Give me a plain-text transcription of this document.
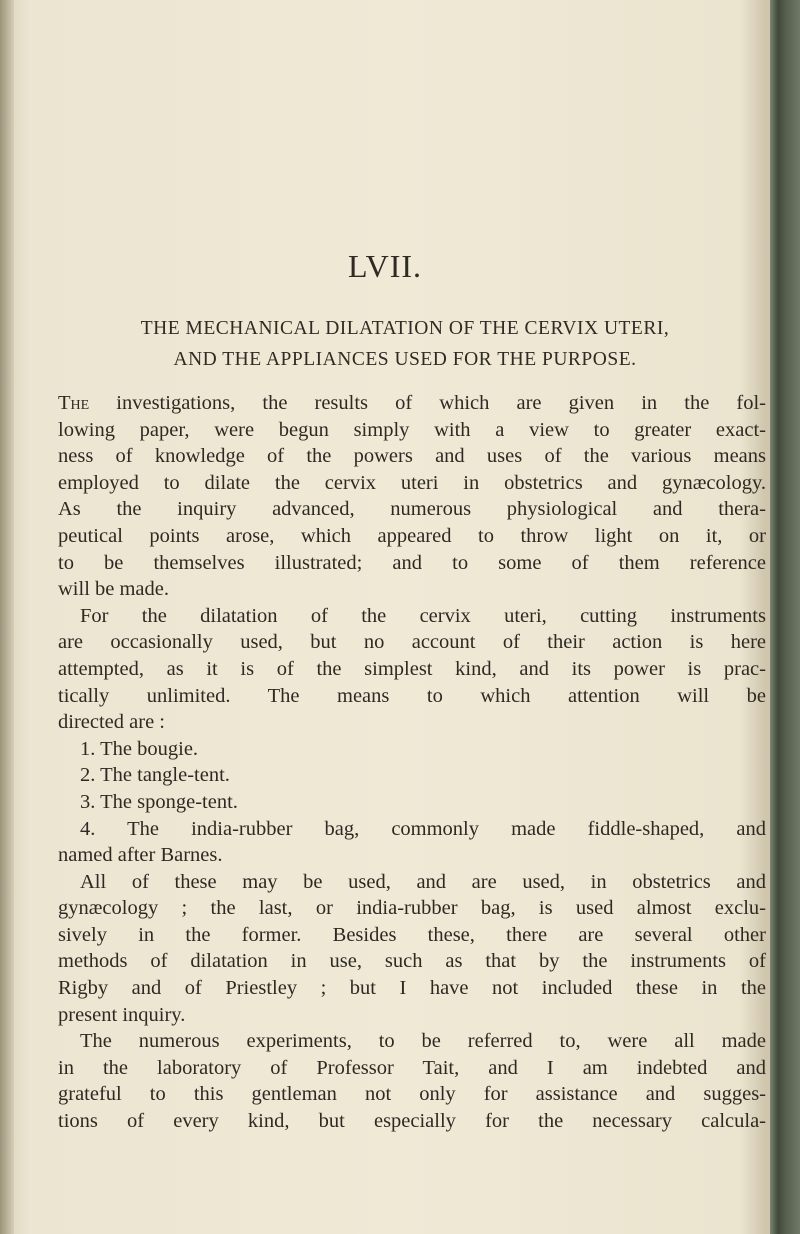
LVII.
THE MECHANICAL DILATATION OF THE CERVIX UTERI,
AND THE APPLIANCES USED FOR THE PURPOSE.
The investigations, the results of which are given in the fol-
lowing paper, were begun simply with a view to greater exact-
ness of knowledge of the powers and uses of the various means
employed to dilate the cervix uteri in obstetrics and gynæcology.
As the inquiry advanced, numerous physiological and thera-
peutical points arose, which appeared to throw light on it, or
to be themselves illustrated; and to some of them reference
will be made.
For the dilatation of the cervix uteri, cutting instruments
are occasionally used, but no account of their action is here
attempted, as it is of the simplest kind, and its power is prac-
tically unlimited. The means to which attention will be
directed are :
1. The bougie.
2. The tangle-tent.
3. The sponge-tent.
4. The india-rubber bag, commonly made fiddle-shaped, and
named after Barnes.
All of these may be used, and are used, in obstetrics and
gynæcology ; the last, or india-rubber bag, is used almost exclu-
sively in the former. Besides these, there are several other
methods of dilatation in use, such as that by the instruments of
Rigby and of Priestley ; but I have not included these in the
present inquiry.
The numerous experiments, to be referred to, were all made
in the laboratory of Professor Tait, and I am indebted and
grateful to this gentleman not only for assistance and sugges-
tions of every kind, but especially for the necessary calcula-
